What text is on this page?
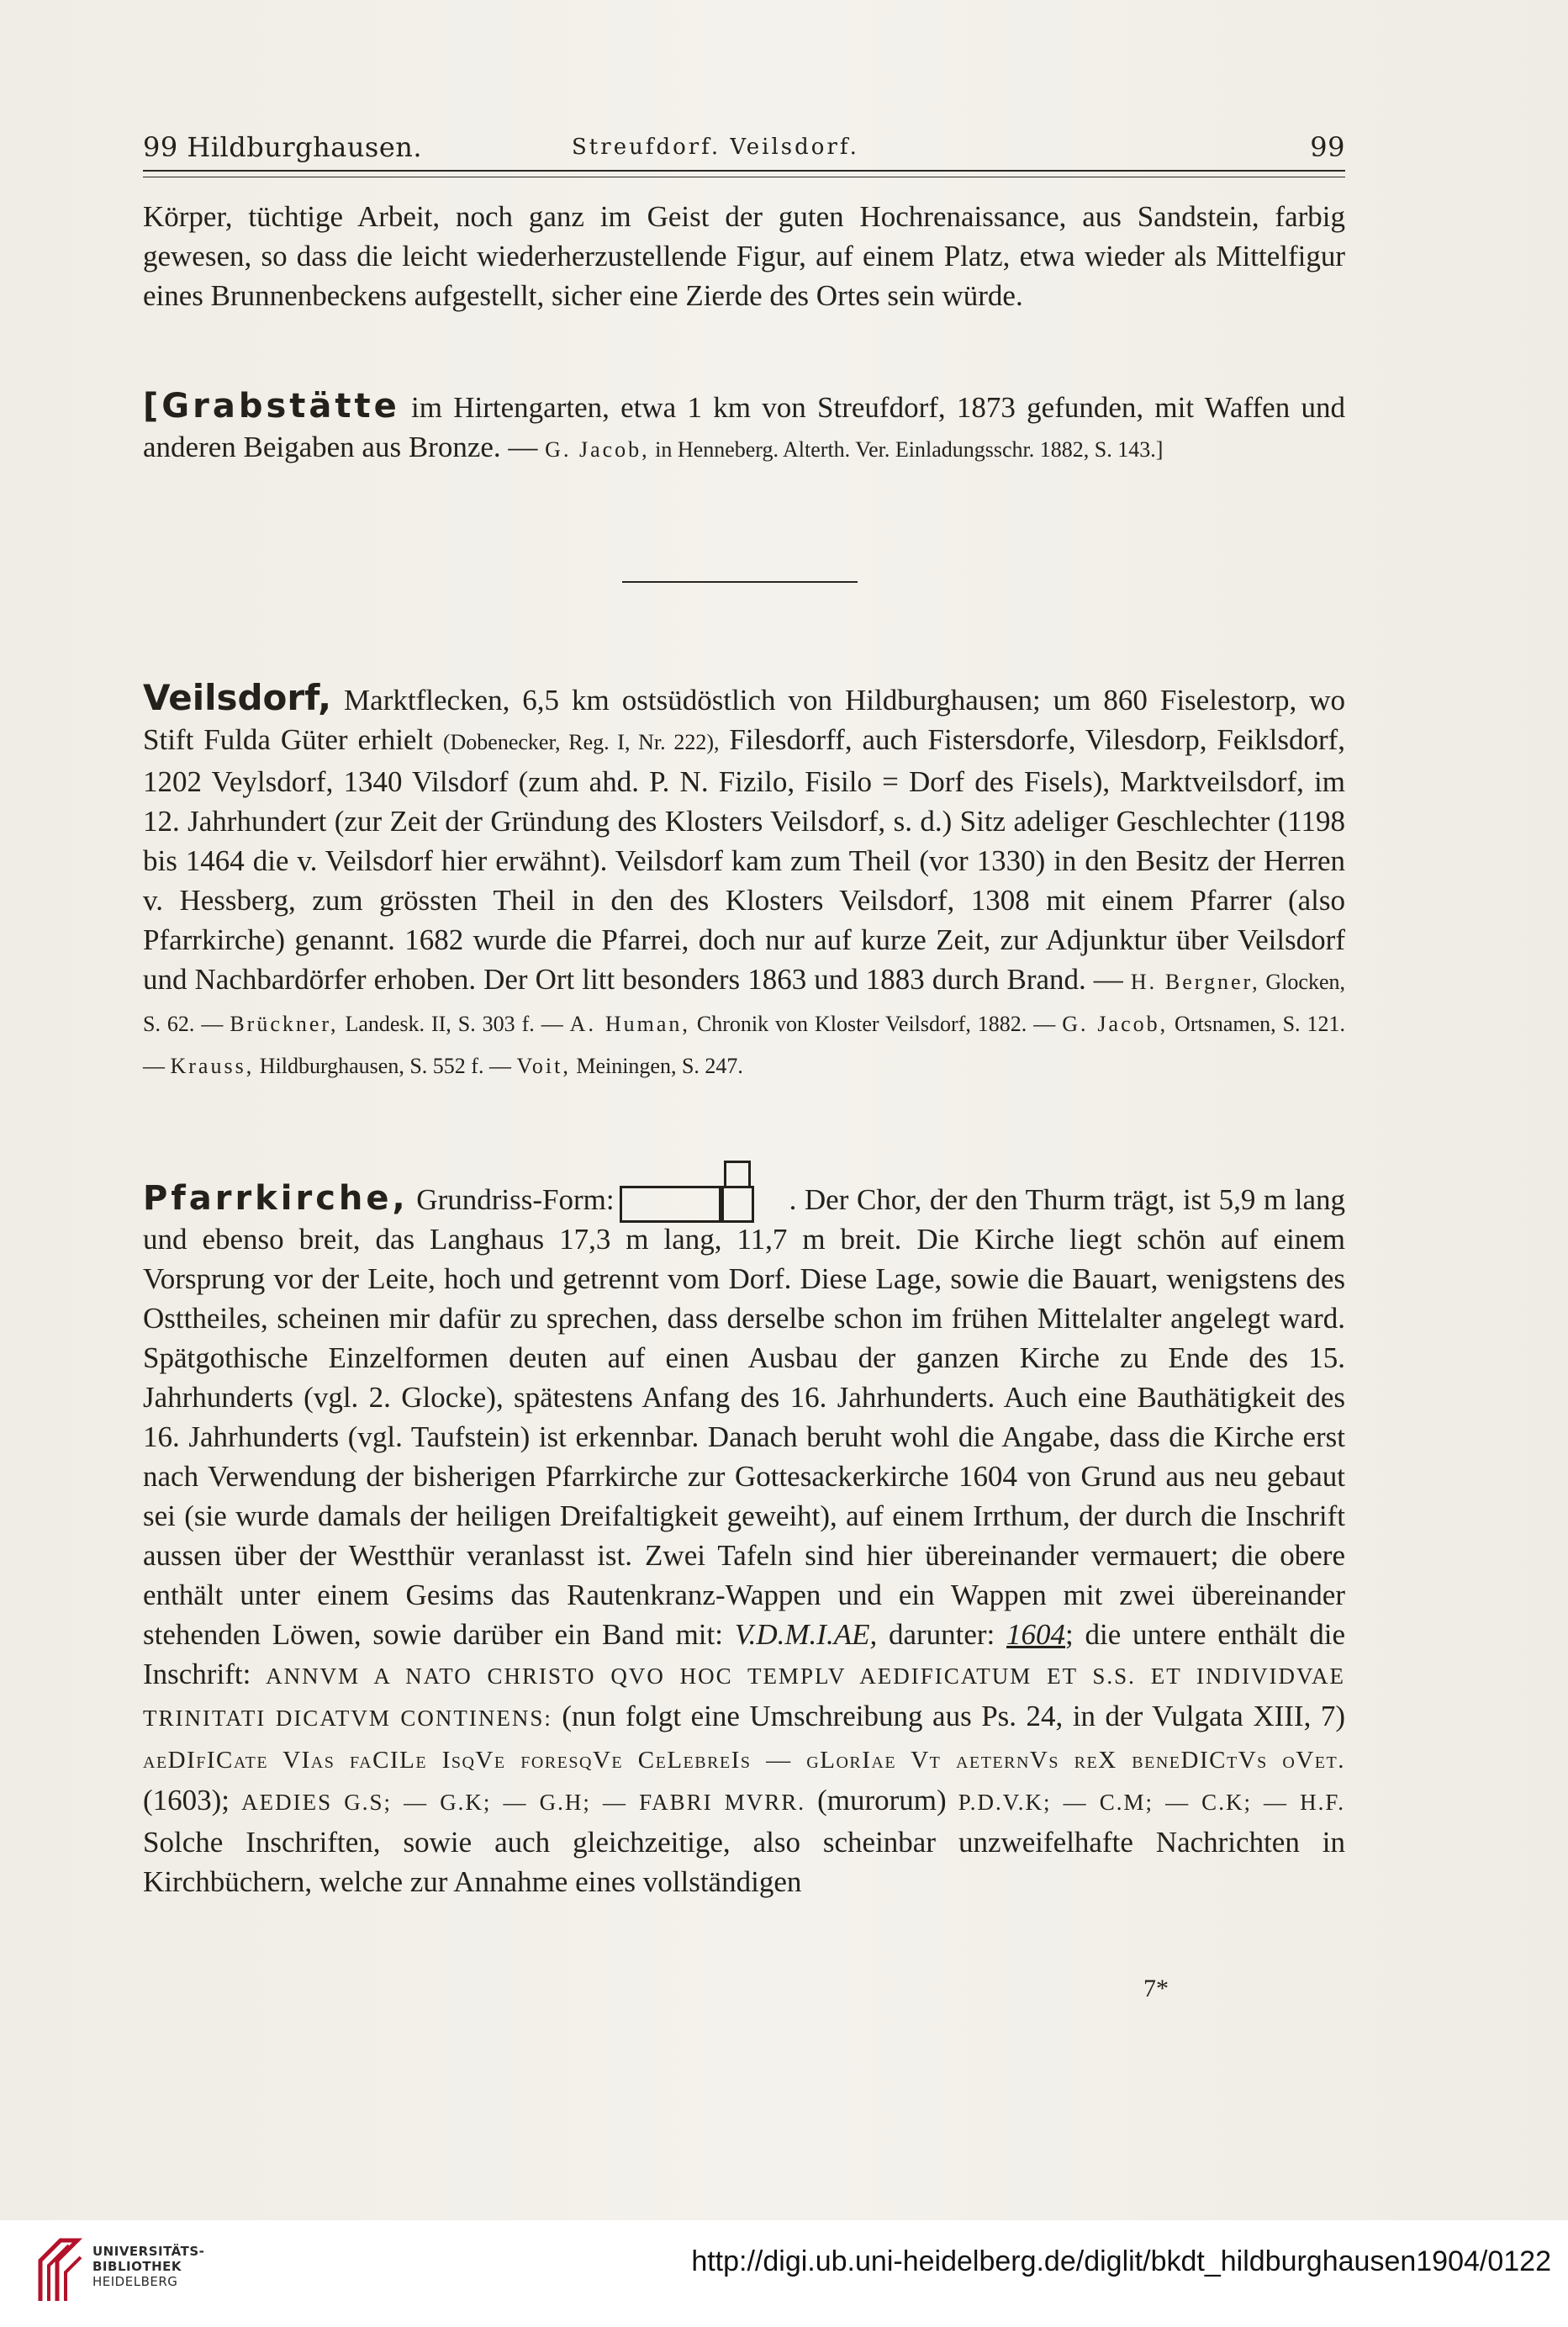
99 Hildburghausen.	Streufdorf. Veilsdorf.	99

Körper, tüchtige Arbeit, noch ganz im Geist der guten Hochrenaissance, aus Sandstein, farbig gewesen, so dass die leicht wiederherzustellende Figur, auf einem Platz, etwa wieder als Mittelfigur eines Brunnenbeckens aufgestellt, sicher eine Zierde des Ortes sein würde.

[Grabstätte im Hirtengarten, etwa 1 km von Streufdorf, 1873 gefunden, mit Waffen und anderen Beigaben aus Bronze. — G. Jacob, in Henneberg. Alterth. Ver. Einladungsschr. 1882, S. 143.]

Veilsdorf, Marktflecken, 6,5 km ostsüdöstlich von Hildburghausen; um 860 Fiselestorp, wo Stift Fulda Güter erhielt (Dobenecker, Reg. I, Nr. 222), Filesdorff, auch Fistersdorfe, Vilesdorp, Feiklsdorf, 1202 Veylsdorf, 1340 Vilsdorf (zum ahd. P. N. Fizilo, Fisilo = Dorf des Fisels), Marktveilsdorf, im 12. Jahrhundert (zur Zeit der Gründung des Klosters Veilsdorf, s. d.) Sitz adeliger Geschlechter (1198 bis 1464 die v. Veilsdorf hier erwähnt). Veilsdorf kam zum Theil (vor 1330) in den Besitz der Herren v. Hessberg, zum grössten Theil in den des Klosters Veilsdorf, 1308 mit einem Pfarrer (also Pfarrkirche) genannt. 1682 wurde die Pfarrei, doch nur auf kurze Zeit, zur Adjunktur über Veilsdorf und Nachbardörfer erhoben. Der Ort litt besonders 1863 und 1883 durch Brand. — H. Bergner, Glocken, S. 62. — Brückner, Landesk. II, S. 303 f. — A. Human, Chronik von Kloster Veilsdorf, 1882. — G. Jacob, Ortsnamen, S. 121. — Krauss, Hildburghausen, S. 552 f. — Voit, Meiningen, S. 247.

Pfarrkirche, Grundriss-Form:	. Der Chor, der den Thurm trägt, ist 5,9 m lang und ebenso breit, das Langhaus 17,3 m lang, 11,7 m breit. Die Kirche liegt schön auf einem Vorsprung vor der Leite, hoch und getrennt vom Dorf. Diese Lage, sowie die Bauart, wenigstens des Osttheiles, scheinen mir dafür zu sprechen, dass derselbe schon im frühen Mittelalter angelegt ward. Spätgothische Einzelformen deuten auf einen Ausbau der ganzen Kirche zu Ende des 15. Jahrhunderts (vgl. 2. Glocke), spätestens Anfang des 16. Jahrhunderts. Auch eine Bauthätigkeit des 16. Jahrhunderts (vgl. Taufstein) ist erkennbar. Danach beruht wohl die Angabe, dass die Kirche erst nach Verwendung der bisherigen Pfarrkirche zur Gottesackerkirche 1604 von Grund aus neu gebaut sei (sie wurde damals der heiligen Dreifaltigkeit geweiht), auf einem Irrthum, der durch die Inschrift aussen über der Westthür veranlasst ist. Zwei Tafeln sind hier übereinander vermauert; die obere enthält unter einem Gesims das Rautenkranz-Wappen und ein Wappen mit zwei übereinander stehenden Löwen, sowie darüber ein Band mit: V.D.M.I.AE, darunter: 1604; die untere enthält die Inschrift: ANNVM A NATO CHRISTO QVO HOC TEMPLV AEDIFICATUM ET S.S. ET INDIVIDVAE TRINITATI DICATVM CONTINENS: (nun folgt eine Umschreibung aus Ps. 24, in der Vulgata XIII, 7) aeDIfICate VIas faCILe IsqVe foresqVe CeLebreIs — gLorIae Vt aeternVs reX beneDICtVs oVet. (1603); AEDIES G.S; — G.K; — G.H; — FABRI MVRR. (murorum) P.D.V.K; — C.M; — C.K; — H.F. Solche Inschriften, sowie auch gleichzeitige, also scheinbar unzweifelhafte Nachrichten in Kirchbüchern, welche zur Annahme eines vollständigen

7*
UNIVERSITÄTS-
BIBLIOTHEK
HEIDELBERG
http://digi.ub.uni-heidelberg.de/diglit/bkdt_hildburghausen1904/0122
